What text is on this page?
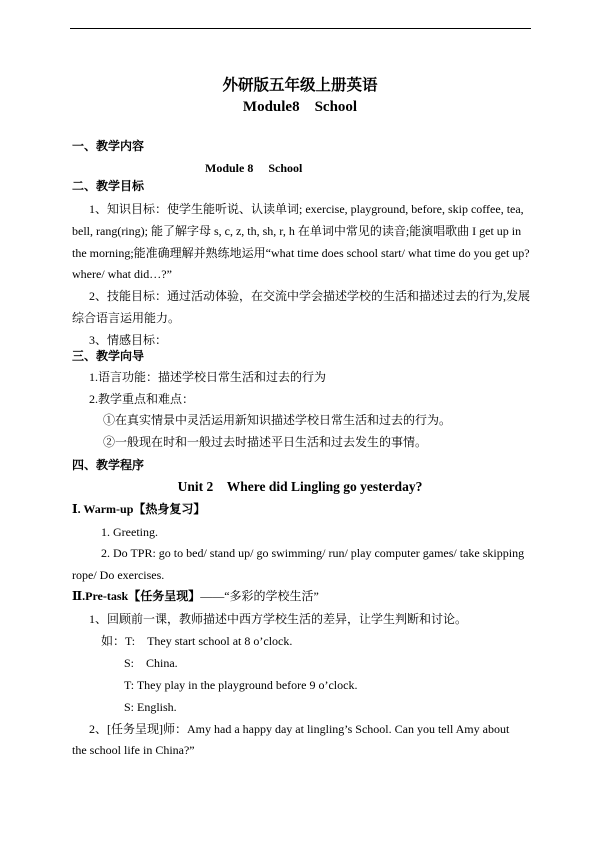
外研版五年级上册英语
Module8　School
一、教学内容
Module 8　 School
二、教学目标
1、知识目标：使学生能听说、认读单词; exercise, playground, before, skip coffee, tea,
bell, rang(ring); 能了解字母 s, c, z, th, sh, r, h 在单词中常见的读音;能演唱歌曲 I get up in
the morning;能准确理解并熟练地运用“what time does school start/ what time do you get up?
where/ what did…?”
2、技能目标：通过活动体验，在交流中学会描述学校的生活和描述过去的行为,发展
综合语言运用能力。
3、情感目标：
三、教学向导
1.语言功能：描述学校日常生活和过去的行为
2.教学重点和难点：
①在真实情景中灵活运用新知识描述学校日常生活和过去的行为。
②一般现在时和一般过去时描述平日生活和过去发生的事情。
四、教学程序
Unit 2　Where did Lingling go yesterday?
Ⅰ. Warm-up【热身复习】
1. Greeting.
2. Do TPR: go to bed/ stand up/ go swimming/ run/ play computer games/ take skipping
rope/ Do exercises.
Ⅱ.Pre-task【任务呈现】——“多彩的学校生活”
1、回顾前一课，教师描述中西方学校生活的差异，让学生判断和讨论。
如：T:　They start school at 8 o’clock.
S:　China.
T: They play in the playground before 9 o’clock.
S: English.
2、[任务呈现]师：Amy had a happy day at lingling’s School. Can you tell Amy about
the school life in China?”
